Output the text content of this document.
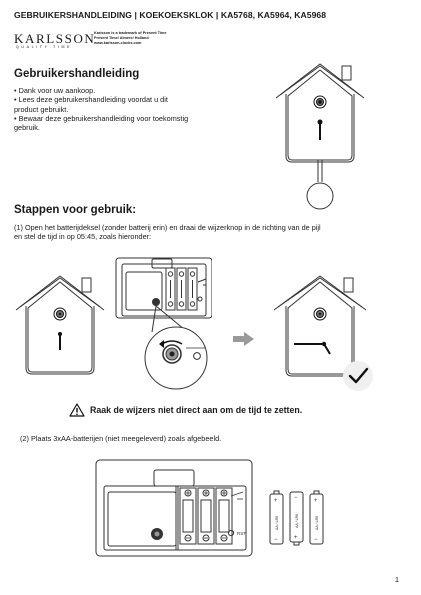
GEBRUIKERSHANDLEIDING | KOEKOEKSKLOK | KA5768, KA5964, KA5968
KARLSSON
QUALITY TIME
Karlsson is a trademark of Present Time
Present Time/ Almere/ Holland
www.karlsson-clocks.com
Gebruikershandleiding
• Dank voor uw aankoop.
• Lees deze gebruikershandleiding voordat u dit
product gebruikt.
• Bewaar deze gebruikershandleiding voor toekomstig
gebruik.
Stappen voor gebruik:
(1) Open het batterijdeksel (zonder batterij erin) en draai de wijzerknop in de richting van de pijl
en stel de tijd in op 05:45, zoals hieronder:
Raak de wijzers niet direct aan om de tijd te zetten.
(2) Plaats 3xAA-batterijen (niet meegeleverd) zoals afgebeeld.
RST
AA / LR6	AA / LR6	AA / LR6
+
−
−
+
+
−
1
